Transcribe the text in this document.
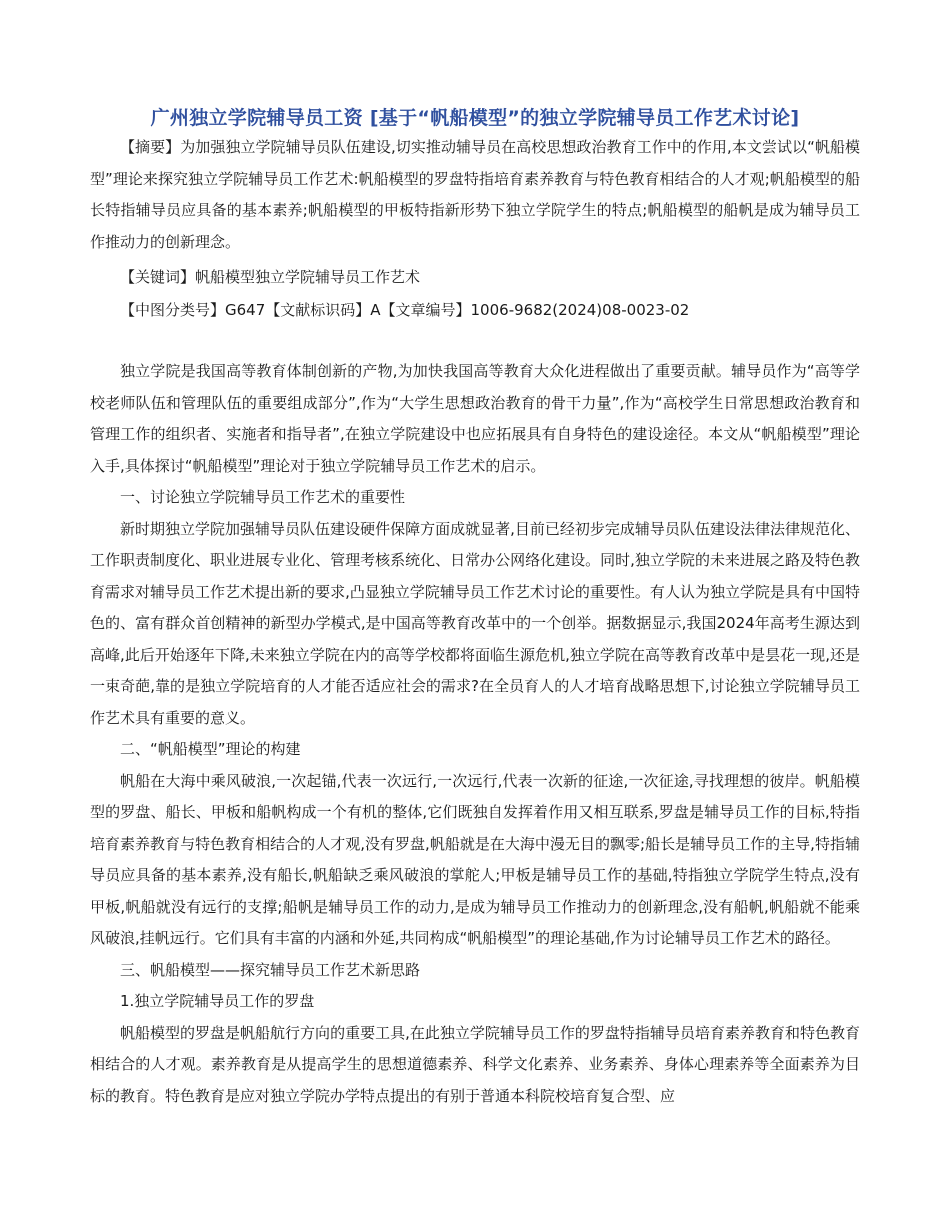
广州独立学院辅导员工资 [基于“帆船模型”的独立学院辅导员工作艺术讨论]

【摘要】为加强独立学院辅导员队伍建设,切实推动辅导员在高校思想政治教育工作中的作用,本文尝试以“帆船模型”理论来探究独立学院辅导员工作艺术:帆船模型的罗盘特指培育素养教育与特色教育相结合的人才观;帆船模型的船长特指辅导员应具备的基本素养;帆船模型的甲板特指新形势下独立学院学生的特点;帆船模型的船帆是成为辅导员工作推动力的创新理念。

【关键词】帆船模型独立学院辅导员工作艺术

【中图分类号】G647【文献标识码】A【文章编号】1006-9682(2024)08-0023-02

独立学院是我国高等教育体制创新的产物,为加快我国高等教育大众化进程做出了重要贡献。辅导员作为“高等学校老师队伍和管理队伍的重要组成部分”,作为“大学生思想政治教育的骨干力量”,作为“高校学生日常思想政治教育和管理工作的组织者、实施者和指导者”,在独立学院建设中也应拓展具有自身特色的建设途径。本文从“帆船模型”理论入手,具体探讨“帆船模型”理论对于独立学院辅导员工作艺术的启示。

一、讨论独立学院辅导员工作艺术的重要性

新时期独立学院加强辅导员队伍建设硬件保障方面成就显著,目前已经初步完成辅导员队伍建设法律法律规范化、工作职责制度化、职业进展专业化、管理考核系统化、日常办公网络化建设。同时,独立学院的未来进展之路及特色教育需求对辅导员工作艺术提出新的要求,凸显独立学院辅导员工作艺术讨论的重要性。有人认为独立学院是具有中国特色的、富有群众首创精神的新型办学模式,是中国高等教育改革中的一个创举。据数据显示,我国2024年高考生源达到高峰,此后开始逐年下降,未来独立学院在内的高等学校都将面临生源危机,独立学院在高等教育改革中是昙花一现,还是一束奇葩,靠的是独立学院培育的人才能否适应社会的需求?在全员育人的人才培育战略思想下,讨论独立学院辅导员工作艺术具有重要的意义。

二、“帆船模型”理论的构建

帆船在大海中乘风破浪,一次起锚,代表一次远行,一次远行,代表一次新的征途,一次征途,寻找理想的彼岸。帆船模型的罗盘、船长、甲板和船帆构成一个有机的整体,它们既独自发挥着作用又相互联系,罗盘是辅导员工作的目标,特指培育素养教育与特色教育相结合的人才观,没有罗盘,帆船就是在大海中漫无目的飘零;船长是辅导员工作的主导,特指辅导员应具备的基本素养,没有船长,帆船缺乏乘风破浪的掌舵人;甲板是辅导员工作的基础,特指独立学院学生特点,没有甲板,帆船就没有远行的支撑;船帆是辅导员工作的动力,是成为辅导员工作推动力的创新理念,没有船帆,帆船就不能乘风破浪,挂帆远行。它们具有丰富的内涵和外延,共同构成“帆船模型”的理论基础,作为讨论辅导员工作艺术的路径。

三、帆船模型——探究辅导员工作艺术新思路

1.独立学院辅导员工作的罗盘

帆船模型的罗盘是帆船航行方向的重要工具,在此独立学院辅导员工作的罗盘特指辅导员培育素养教育和特色教育相结合的人才观。素养教育是从提高学生的思想道德素养、科学文化素养、业务素养、身体心理素养等全面素养为目标的教育。特色教育是应对独立学院办学特点提出的有别于普通本科院校培育复合型、应
